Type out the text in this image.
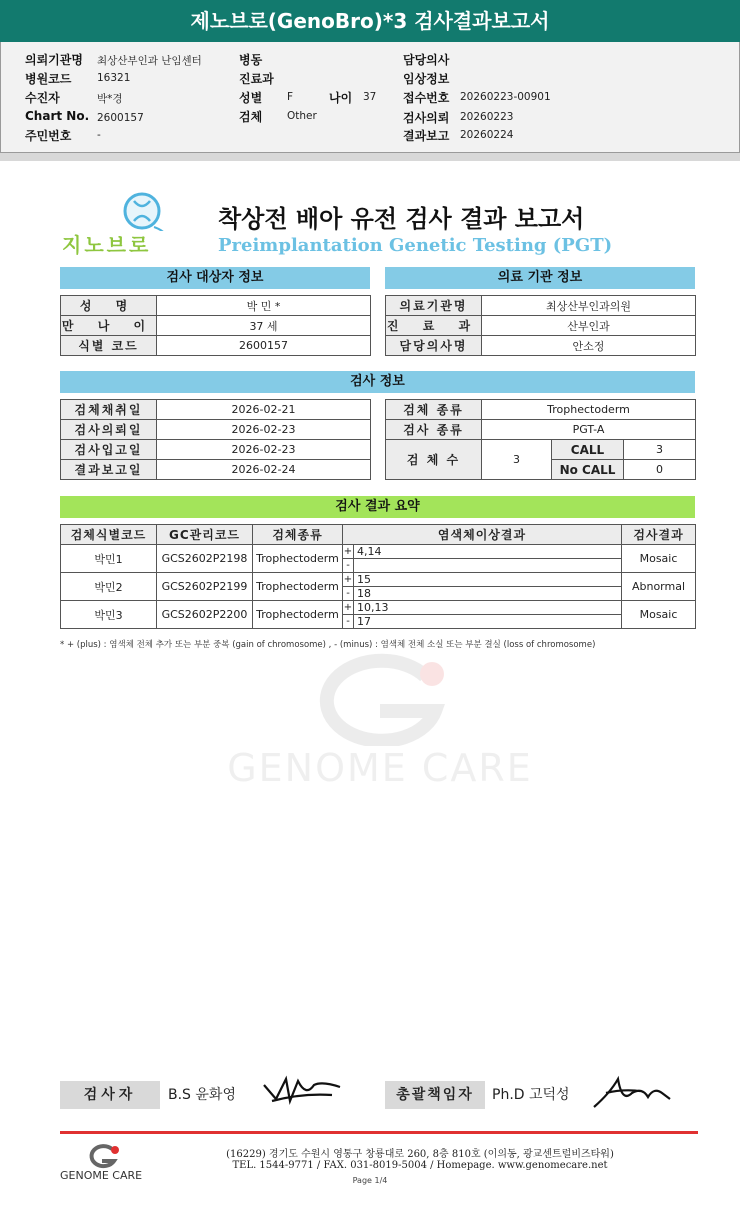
제노브로(GenoBro)*3 검사결과보고서
의뢰기관명 최상산부인과 난임센터
병원코드 16321
수진자	박*경
Chart No. 2600157
주민번호 -
병동
진료과
성별 F	나이 37
검체 Other
담당의사
임상정보
접수번호 20260223-00901
검사의뢰 20260223
결과보고 20260224
지노브로
착상전 배아 유전 검사 결과 보고서
Preimplantation Genetic Testing (PGT)
검사 대상자 정보	의료 기관 정보
성 명	박 민 *
만 나 이	37 세
식별 코드	2600157
의료기관명	최상산부인과의원
진 료 과	산부인과
담당의사명	안소정
검사 정보
검체채취일	2026-02-21
검사의뢰일	2026-02-23
검사입고일	2026-02-23
결과보고일	2026-02-24
검체 종류	Trophectoderm		
검사 종류	PGT-A		
검 체 수	3	CALL	3
		No CALL	0
검사 결과 요약
검체식별코드	GC관리코드	검체종류	염색체이상결과		검사결과
박민1	GCS2602P2198	Trophectoderm	+	4,14	Mosaic
			-		
박민2	GCS2602P2199	Trophectoderm	+	15	Abnormal
			-	18	
박민3	GCS2602P2200	Trophectoderm	+	10,13	Mosaic
			-	17	
* + (plus) : 염색체 전체 추가 또는 부분 중복 (gain of chromosome) , - (minus) : 염색체 전체 소실 또는 부분 결실 (loss of chromosome)
GENOME CARE
검사자	B.S 윤화영	총괄책임자	Ph.D 고덕성
GENOME CARE
(16229) 경기도 수원시 영통구 창룡대로 260, 8층 810호 (이의동, 광교센트럴비즈타워)
TEL. 1544-9771 / FAX. 031-8019-5004 / Homepage. www.genomecare.net
Page 1/4
